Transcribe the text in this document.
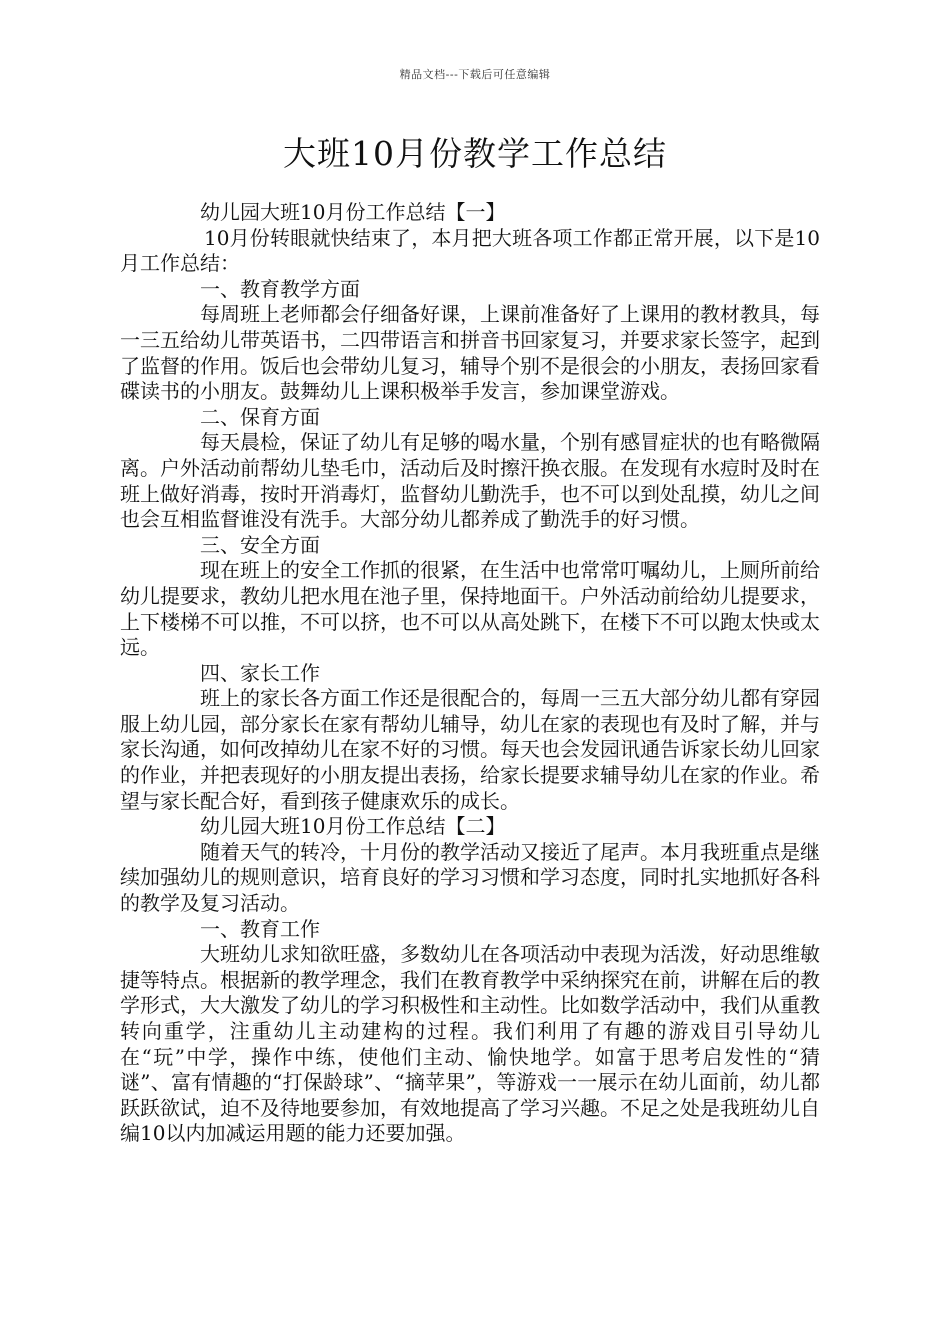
精品文档---下载后可任意编辑
大班10月份教学工作总结

幼儿园大班10月份工作总结【一】

10月份转眼就快结束了，本月把大班各项工作都正常开展，以下是10月工作总结：

一、教育教学方面

每周班上老师都会仔细备好课，上课前准备好了上课用的教材教具，每一三五给幼儿带英语书，二四带语言和拼音书回家复习，并要求家长签字，起到了监督的作用。饭后也会带幼儿复习，辅导个别不是很会的小朋友，表扬回家看碟读书的小朋友。鼓舞幼儿上课积极举手发言，参加课堂游戏。

二、保育方面

每天晨检，保证了幼儿有足够的喝水量，个别有感冒症状的也有略微隔离。户外活动前帮幼儿垫毛巾，活动后及时擦汗换衣服。在发现有水痘时及时在班上做好消毒，按时开消毒灯，监督幼儿勤洗手，也不可以到处乱摸，幼儿之间也会互相监督谁没有洗手。大部分幼儿都养成了勤洗手的好习惯。

三、安全方面

现在班上的安全工作抓的很紧，在生活中也常常叮嘱幼儿，上厕所前给幼儿提要求，教幼儿把水甩在池子里，保持地面干。户外活动前给幼儿提要求，上下楼梯不可以推，不可以挤，也不可以从高处跳下，在楼下不可以跑太快或太远。

四、家长工作

班上的家长各方面工作还是很配合的，每周一三五大部分幼儿都有穿园服上幼儿园，部分家长在家有帮幼儿辅导，幼儿在家的表现也有及时了解，并与家长沟通，如何改掉幼儿在家不好的习惯。每天也会发园讯通告诉家长幼儿回家的作业，并把表现好的小朋友提出表扬，给家长提要求辅导幼儿在家的作业。希望与家长配合好，看到孩子健康欢乐的成长。

幼儿园大班10月份工作总结【二】

随着天气的转冷，十月份的教学活动又接近了尾声。本月我班重点是继续加强幼儿的规则意识，培育良好的学习习惯和学习态度，同时扎实地抓好各科的教学及复习活动。

一、教育工作

大班幼儿求知欲旺盛，多数幼儿在各项活动中表现为活泼，好动思维敏捷等特点。根据新的教学理念，我们在教育教学中采纳探究在前，讲解在后的教学形式，大大激发了幼儿的学习积极性和主动性。比如数学活动中，我们从重教转向重学，注重幼儿主动建构的过程。我们利用了有趣的游戏目引导幼儿在“玩”中学，操作中练，使他们主动、愉快地学。如富于思考启发性的“猜谜”、富有情趣的“打保龄球”、“摘苹果”，等游戏一一展示在幼儿面前，幼儿都跃跃欲试，迫不及待地要参加，有效地提高了学习兴趣。不足之处是我班幼儿自编10以内加减运用题的能力还要加强。
